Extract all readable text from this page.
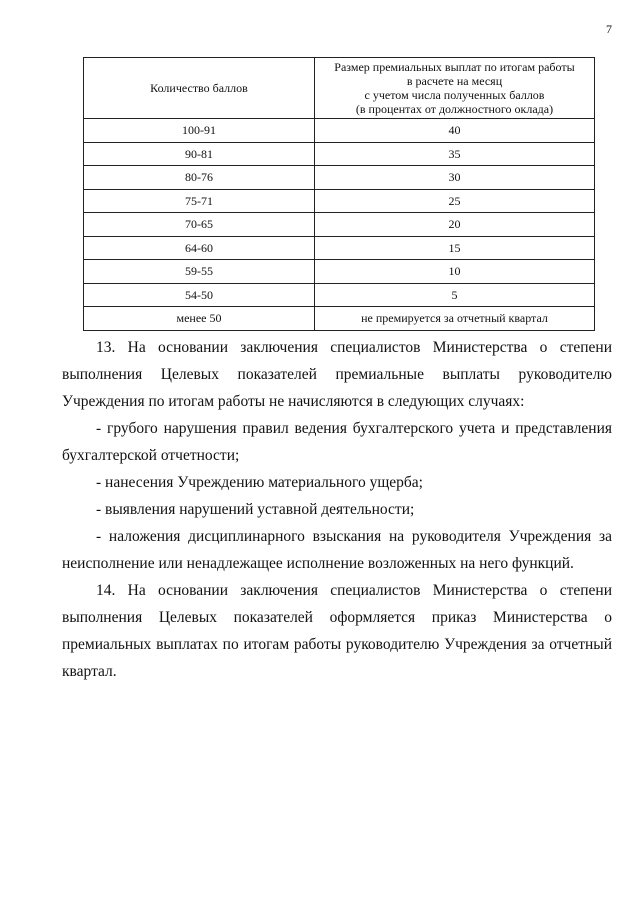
7
Количество баллов	Размер премиальных выплат по итогам работы
в расчете на месяц
с учетом числа полученных баллов
(в процентах от должностного оклада)

100-91	40
90-81	35
80-76	30
75-71	25
70-65	20
64-60	15
59-55	10
54-50	5
менее 50	не премируется за отчетный квартал

13. На основании заключения специалистов Министерства о степени выполнения Целевых показателей премиальные выплаты руководителю Учреждения по итогам работы не начисляются в следующих случаях:

- грубого нарушения правил ведения бухгалтерского учета и представления бухгалтерской отчетности;

- нанесения Учреждению материального ущерба;

- выявления нарушений уставной деятельности;

- наложения дисциплинарного взыскания на руководителя Учреждения за неисполнение или ненадлежащее исполнение возложенных на него функций.

14. На основании заключения специалистов Министерства о степени выполнения Целевых показателей оформляется приказ Министерства о премиальных выплатах по итогам работы руководителю Учреждения за отчетный квартал.
